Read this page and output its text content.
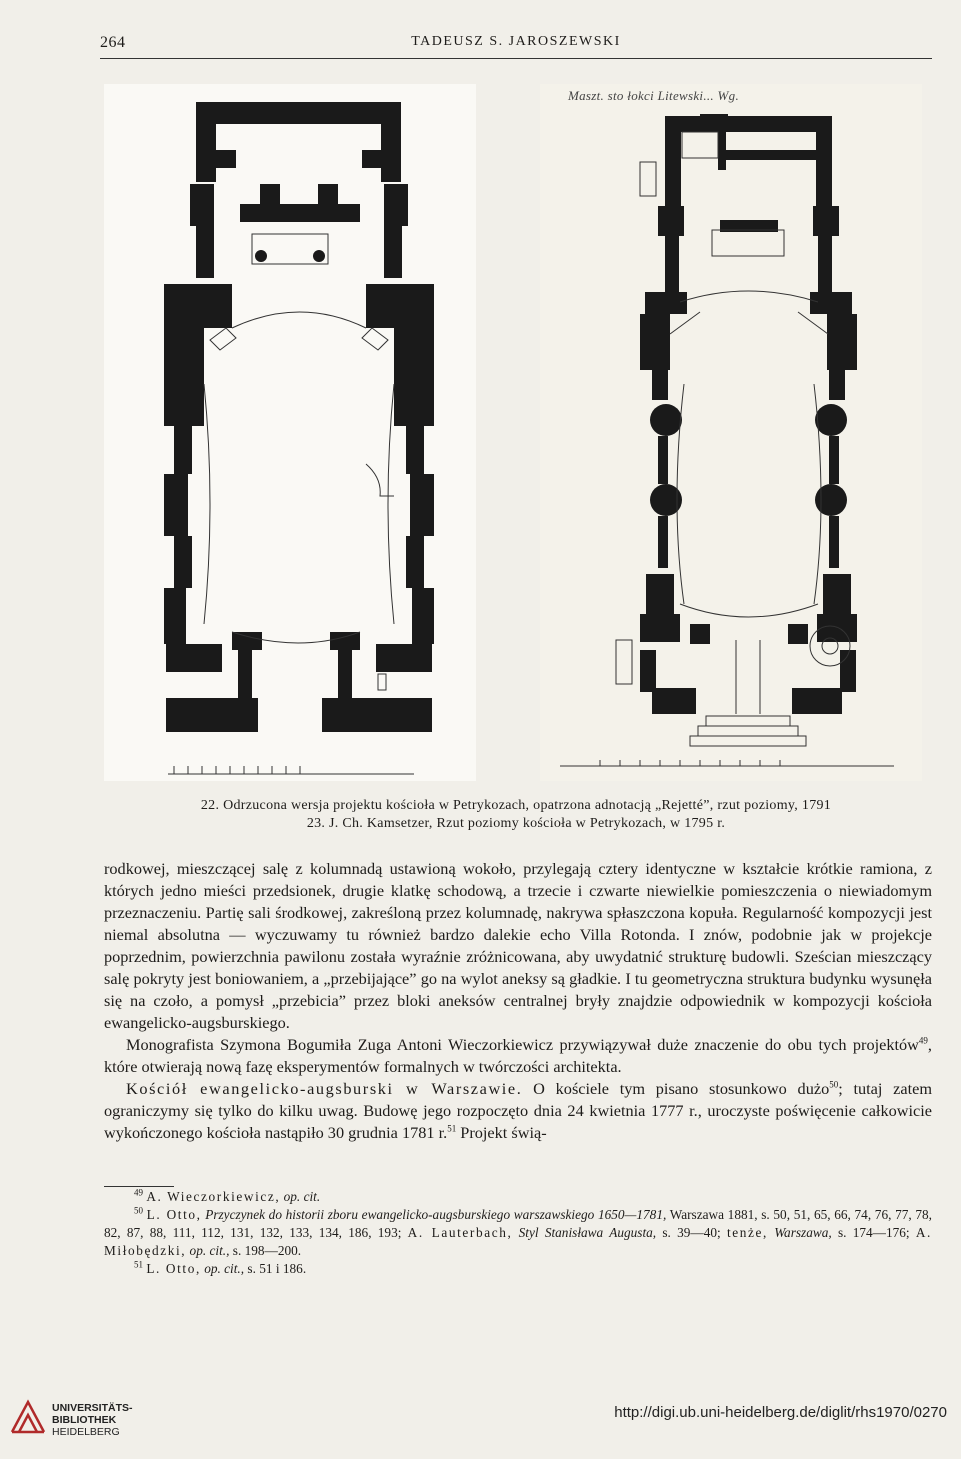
264	TADEUSZ S. JAROSZEWSKI
Maszt. sto łokci Litewski... Wg.
22. Odrzucona wersja projektu kościoła w Petrykozach, opatrzona adnotacją „Rejetté”, rzut poziomy, 1791
23. J. Ch. Kamsetzer, Rzut poziomy kościoła w Petrykozach, w 1795 r.

rodkowej, mieszczącej salę z kolumnadą ustawioną wokoło, przylegają cztery identyczne w kształcie krótkie ramiona, z których jedno mieści przedsionek, drugie klatkę schodową, a trzecie i czwarte niewielkie pomieszczenia o niewiadomym przeznaczeniu. Partię sali środkowej, zakreśloną przez kolumnadę, nakrywa spłaszczona kopuła. Regularność kompozycji jest niemal absolutna — wyczuwamy tu również bardzo dalekie echo Villa Rotonda. I znów, podobnie jak w projekcje poprzednim, powierzchnia pawilonu została wyraźnie zróżnicowana, aby uwydatnić strukturę budowli. Sześcian mieszczący salę pokryty jest boniowaniem, a „przebijające” go na wylot aneksy są gładkie. I tu geometryczna struktura budynku wysunęła się na czoło, a pomysł „przebicia” przez bloki aneksów centralnej bryły znajdzie odpowiednik w kompozycji kościoła ewangelicko-augsburskiego.

Monografista Szymona Bogumiła Zuga Antoni Wieczorkiewicz przywiązywał duże znaczenie do obu tych projektów$^{49}$, które otwierają nową fazę eksperymentów formalnych w twórczości architekta.

Kościół ewangelicko-augsburski w Warszawie. O kościele tym pisano stosunkowo dużo$^{50}$; tutaj zatem ograniczymy się tylko do kilku uwag. Budowę jego rozpoczęto dnia 24 kwietnia 1777 r., uroczyste poświęcenie całkowicie wykończonego kościoła nastąpiło 30 grudnia 1781 r.$^{51}$ Projekt świą-

$^{49}$ A. Wieczorkiewicz, op. cit.

$^{50}$ L. Otto, Przyczynek do historii zboru ewangelicko-augsburskiego warszawskiego 1650—1781, Warszawa 1881, s. 50, 51, 65, 66, 74, 76, 77, 78, 82, 87, 88, 111, 112, 131, 132, 133, 134, 186, 193; A. Lauterbach, Styl Stanisława Augusta, s. 39—40; tenże, Warszawa, s. 174—176; A. Miłobędzki, op. cit., s. 198—200.

$^{51}$ L. Otto, op. cit., s. 51 i 186.

UNIVERSITÄTS-
BIBLIOTHEK
HEIDELBERG
http://digi.ub.uni-heidelberg.de/diglit/rhs1970/0270
